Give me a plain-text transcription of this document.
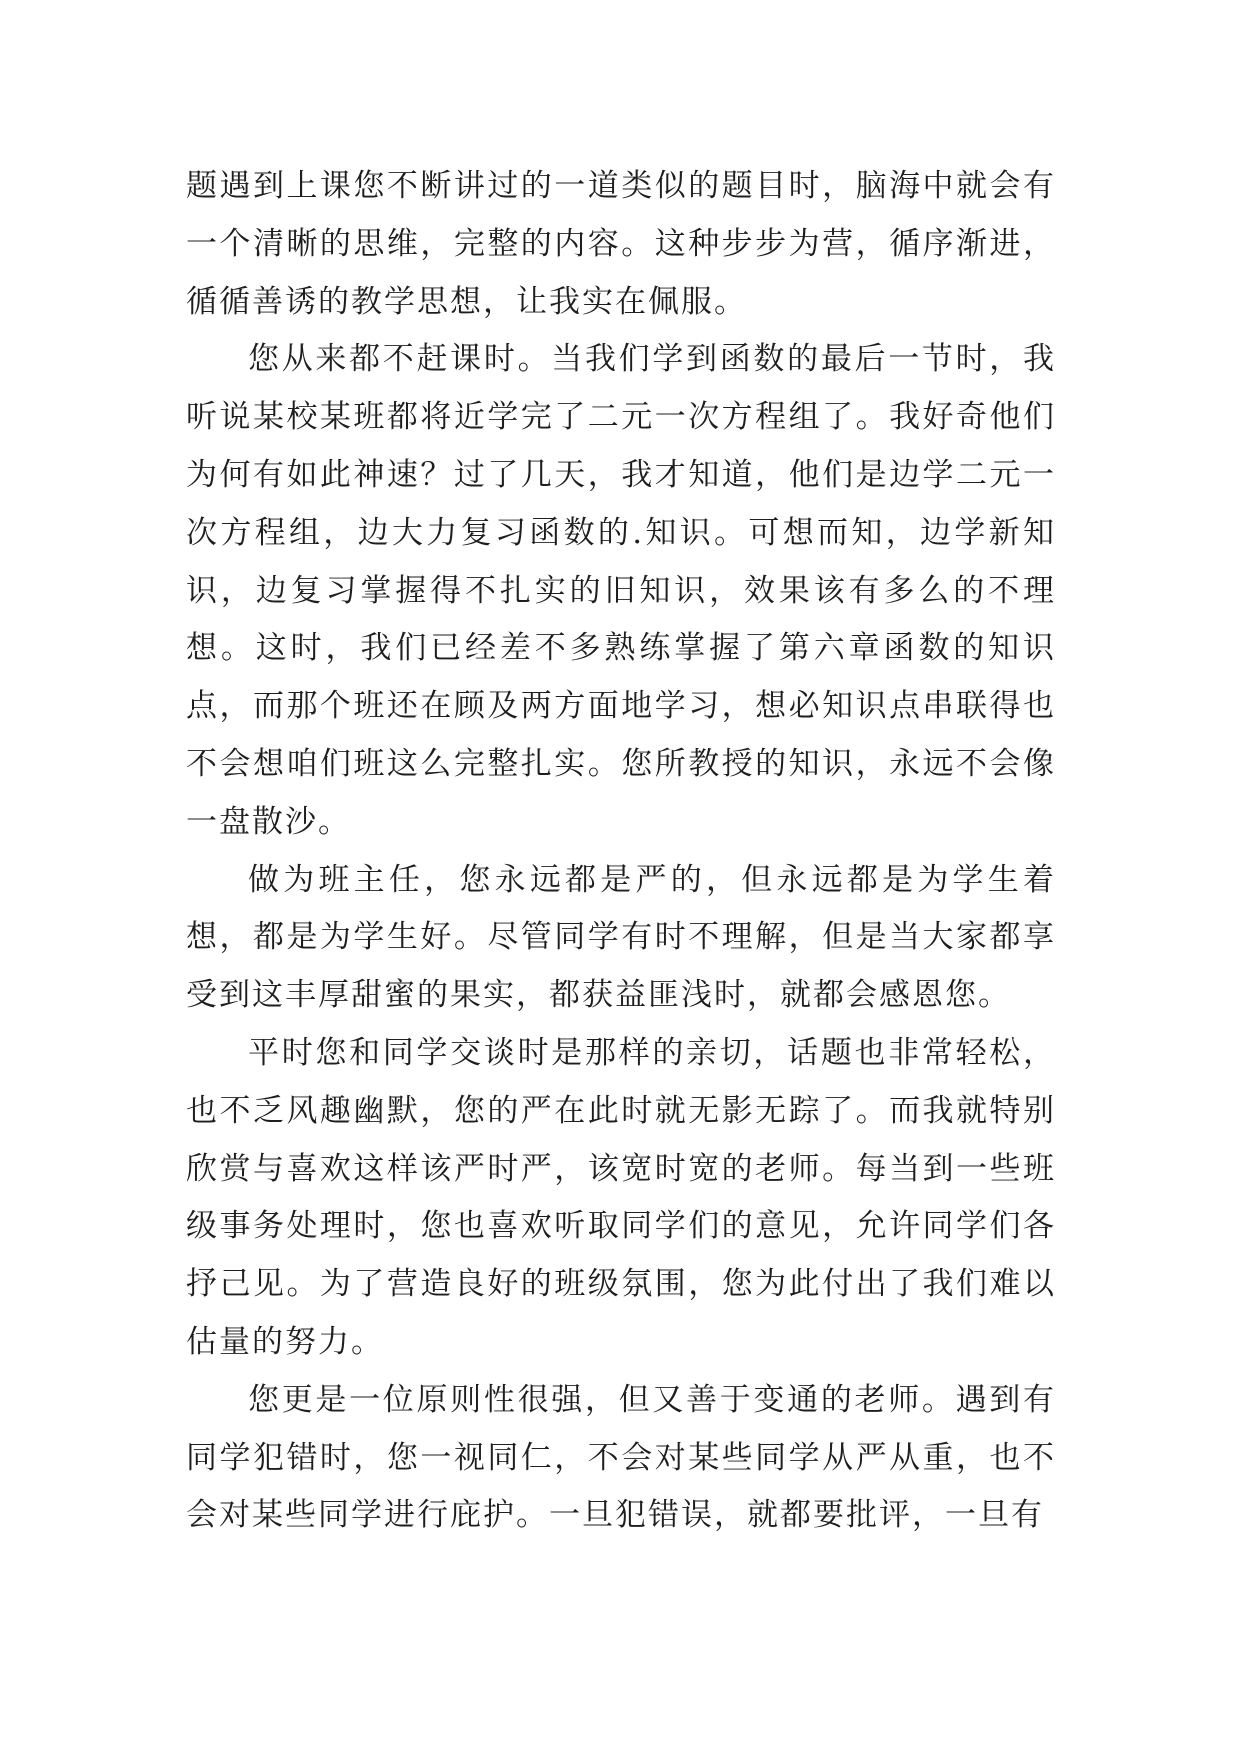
题遇到上课您不断讲过的一道类似的题目时，脑海中就会有一个清晰的思维，完整的内容。这种步步为营，循序渐进，循循善诱的教学思想，让我实在佩服。

您从来都不赶课时。当我们学到函数的最后一节时，我听说某校某班都将近学完了二元一次方程组了。我好奇他们为何有如此神速？过了几天，我才知道，他们是边学二元一次方程组，边大力复习函数的.知识。可想而知，边学新知识，边复习掌握得不扎实的旧知识，效果该有多么的不理想。这时，我们已经差不多熟练掌握了第六章函数的知识点，而那个班还在顾及两方面地学习，想必知识点串联得也不会想咱们班这么完整扎实。您所教授的知识，永远不会像一盘散沙。

做为班主任，您永远都是严的，但永远都是为学生着想，都是为学生好。尽管同学有时不理解，但是当大家都享受到这丰厚甜蜜的果实，都获益匪浅时，就都会感恩您。

平时您和同学交谈时是那样的亲切，话题也非常轻松，也不乏风趣幽默，您的严在此时就无影无踪了。而我就特别欣赏与喜欢这样该严时严，该宽时宽的老师。每当到一些班级事务处理时，您也喜欢听取同学们的意见，允许同学们各抒己见。为了营造良好的班级氛围，您为此付出了我们难以估量的努力。

您更是一位原则性很强，但又善于变通的老师。遇到有同学犯错时，您一视同仁，不会对某些同学从严从重，也不会对某些同学进行庇护。一旦犯错误，就都要批评，一旦有
